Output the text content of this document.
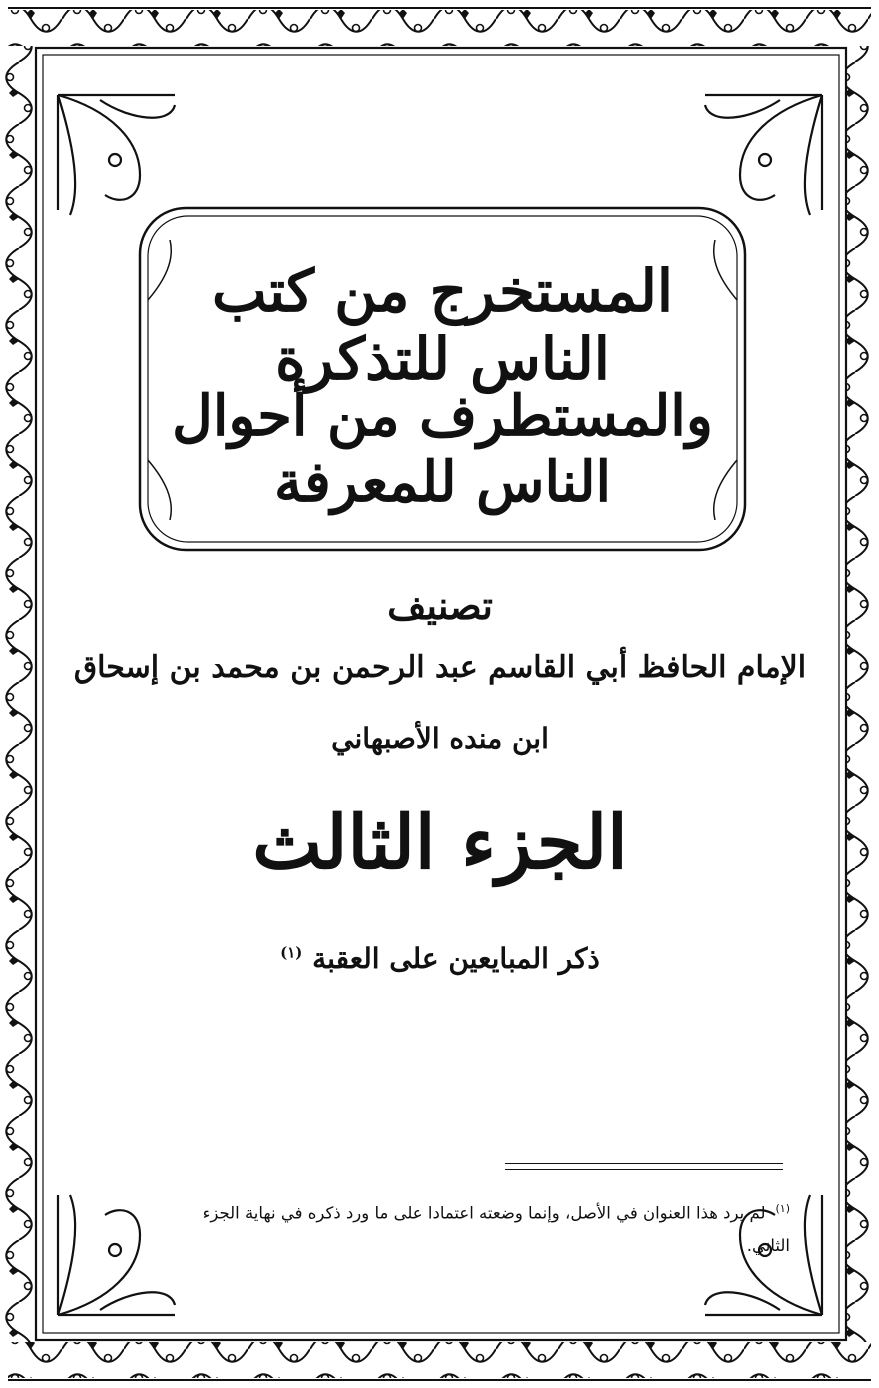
المستخرج من كتب الناس للتذكرة
والمستطرف من أحوال الناس للمعرفة
تصنيف
الإمام الحافظ أبي القاسم عبد الرحمن بن محمد بن إسحاق
ابن منده الأصبهاني
الجزء الثالث
ذكر المبايعين على العقبة $^{(١)}$
$^{(١)}$لم يرد هذا العنوان في الأصل، وإنما وضعته اعتمادا على ما ورد ذكره في نهاية الجزء الثاني.
